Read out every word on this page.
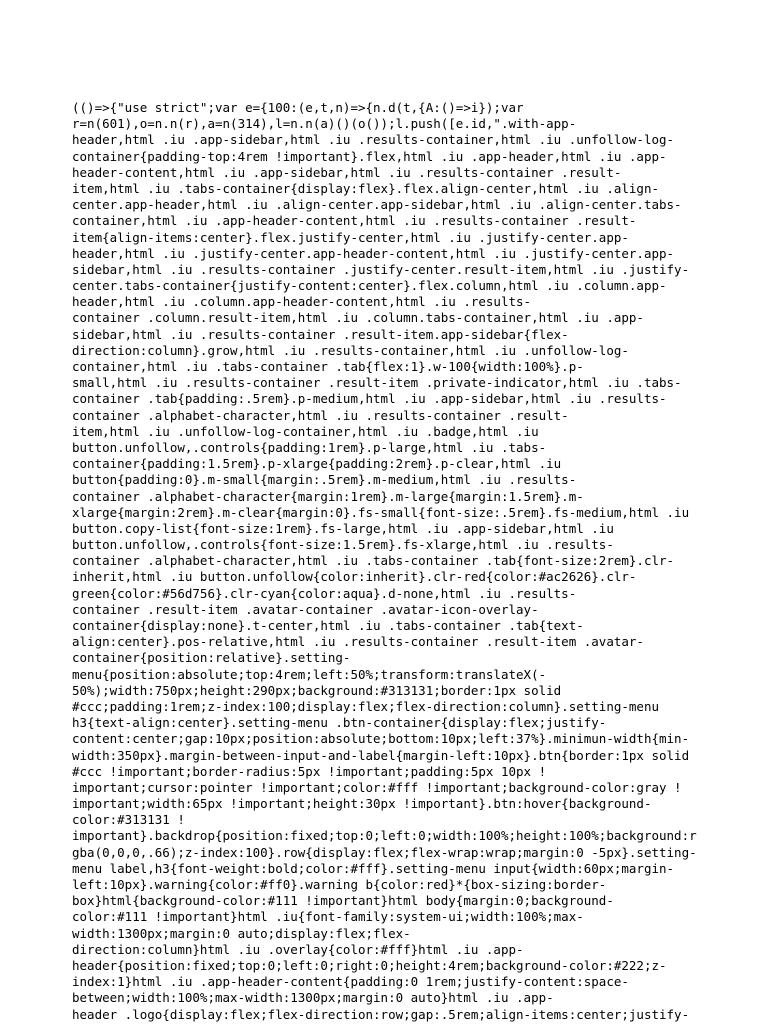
(()=>{"use strict";var e={100:(e,t,n)=>{n.d(t,{A:()=>i});var
r=n(601),o=n.n(r),a=n(314),l=n.n(a)()(o());l.push([e.id,".with-app-
header,html .iu .app-sidebar,html .iu .results-container,html .iu .unfollow-log-
container{padding-top:4rem !important}.flex,html .iu .app-header,html .iu .app-
header-content,html .iu .app-sidebar,html .iu .results-container .result-
item,html .iu .tabs-container{display:flex}.flex.align-center,html .iu .align-
center.app-header,html .iu .align-center.app-sidebar,html .iu .align-center.tabs-
container,html .iu .app-header-content,html .iu .results-container .result-
item{align-items:center}.flex.justify-center,html .iu .justify-center.app-
header,html .iu .justify-center.app-header-content,html .iu .justify-center.app-
sidebar,html .iu .results-container .justify-center.result-item,html .iu .justify-
center.tabs-container{justify-content:center}.flex.column,html .iu .column.app-
header,html .iu .column.app-header-content,html .iu .results-
container .column.result-item,html .iu .column.tabs-container,html .iu .app-
sidebar,html .iu .results-container .result-item.app-sidebar{flex-
direction:column}.grow,html .iu .results-container,html .iu .unfollow-log-
container,html .iu .tabs-container .tab{flex:1}.w-100{width:100%}.p-
small,html .iu .results-container .result-item .private-indicator,html .iu .tabs-
container .tab{padding:.5rem}.p-medium,html .iu .app-sidebar,html .iu .results-
container .alphabet-character,html .iu .results-container .result-
item,html .iu .unfollow-log-container,html .iu .badge,html .iu
button.unfollow,.controls{padding:1rem}.p-large,html .iu .tabs-
container{padding:1.5rem}.p-xlarge{padding:2rem}.p-clear,html .iu
button{padding:0}.m-small{margin:.5rem}.m-medium,html .iu .results-
container .alphabet-character{margin:1rem}.m-large{margin:1.5rem}.m-
xlarge{margin:2rem}.m-clear{margin:0}.fs-small{font-size:.5rem}.fs-medium,html .iu
button.copy-list{font-size:1rem}.fs-large,html .iu .app-sidebar,html .iu
button.unfollow,.controls{font-size:1.5rem}.fs-xlarge,html .iu .results-
container .alphabet-character,html .iu .tabs-container .tab{font-size:2rem}.clr-
inherit,html .iu button.unfollow{color:inherit}.clr-red{color:#ac2626}.clr-
green{color:#56d756}.clr-cyan{color:aqua}.d-none,html .iu .results-
container .result-item .avatar-container .avatar-icon-overlay-
container{display:none}.t-center,html .iu .tabs-container .tab{text-
align:center}.pos-relative,html .iu .results-container .result-item .avatar-
container{position:relative}.setting-
menu{position:absolute;top:4rem;left:50%;transform:translateX(-
50%);width:750px;height:290px;background:#313131;border:1px solid
#ccc;padding:1rem;z-index:100;display:flex;flex-direction:column}.setting-menu
h3{text-align:center}.setting-menu .btn-container{display:flex;justify-
content:center;gap:10px;position:absolute;bottom:10px;left:37%}.minimun-width{min-
width:350px}.margin-between-input-and-label{margin-left:10px}.btn{border:1px solid
#ccc !important;border-radius:5px !important;padding:5px 10px !
important;cursor:pointer !important;color:#fff !important;background-color:gray !
important;width:65px !important;height:30px !important}.btn:hover{background-
color:#313131 !
important}.backdrop{position:fixed;top:0;left:0;width:100%;height:100%;background:r
gba(0,0,0,.66);z-index:100}.row{display:flex;flex-wrap:wrap;margin:0 -5px}.setting-
menu label,h3{font-weight:bold;color:#fff}.setting-menu input{width:60px;margin-
left:10px}.warning{color:#ff0}.warning b{color:red}*{box-sizing:border-
box}html{background-color:#111 !important}html body{margin:0;background-
color:#111 !important}html .iu{font-family:system-ui;width:100%;max-
width:1300px;margin:0 auto;display:flex;flex-
direction:column}html .iu .overlay{color:#fff}html .iu .app-
header{position:fixed;top:0;left:0;right:0;height:4rem;background-color:#222;z-
index:1}html .iu .app-header-content{padding:0 1rem;justify-content:space-
between;width:100%;max-width:1300px;margin:0 auto}html .iu .app-
header .logo{display:flex;flex-direction:row;gap:.5rem;align-items:center;justify-
